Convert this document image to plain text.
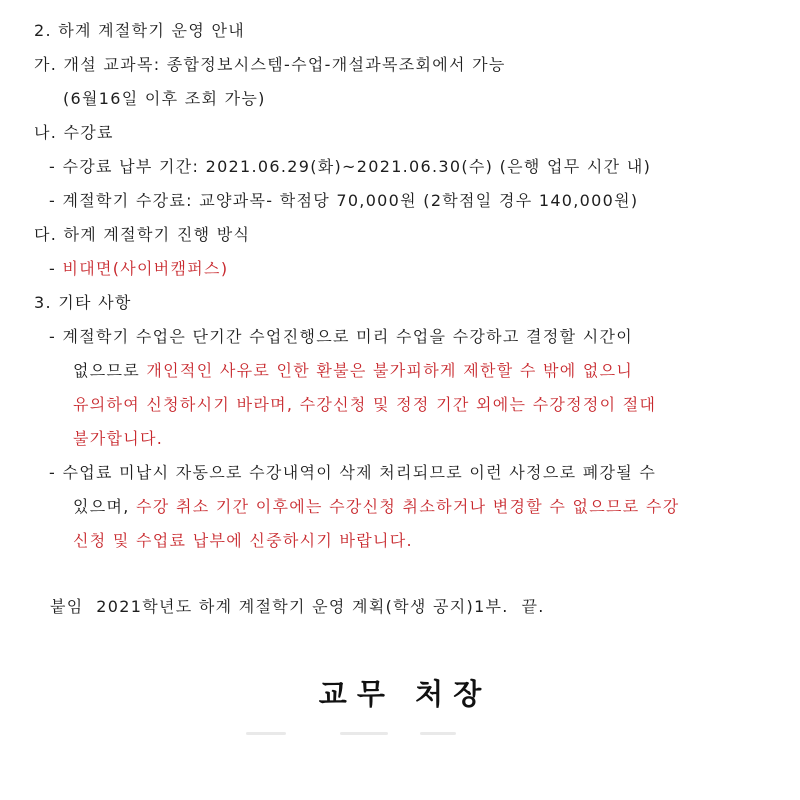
2. 하계 계절학기 운영 안내
가. 개설 교과목: 종합정보시스템-수업-개설과목조회에서 가능
(6월16일 이후 조회 가능)
나. 수강료
- 수강료 납부 기간: 2021.06.29(화)~2021.06.30(수) (은행 업무 시간 내)
- 계절학기 수강료: 교양과목- 학점당 70,000원 (2학점일 경우 140,000원)
다. 하계 계절학기 진행 방식
- 비대면(사이버캠퍼스)
3. 기타 사항
- 계절학기 수업은 단기간 수업진행으로 미리 수업을 수강하고 결정할 시간이
없으므로 개인적인 사유로 인한 환불은 불가피하게 제한할 수 밖에 없으니
유의하여 신청하시기 바라며, 수강신청 및 정정 기간 외에는 수강정정이 절대
불가합니다.
- 수업료 미납시 자동으로 수강내역이 삭제 처리되므로 이런 사정으로 폐강될 수
있으며, 수강 취소 기간 이후에는 수강신청 취소하거나 변경할 수 없으므로 수강
신청 및 수업료 납부에 신중하시기 바랍니다.
붙임  2021학년도 하계 계절학기 운영 계획(학생 공지)1부.  끝.
교 무   처 장
